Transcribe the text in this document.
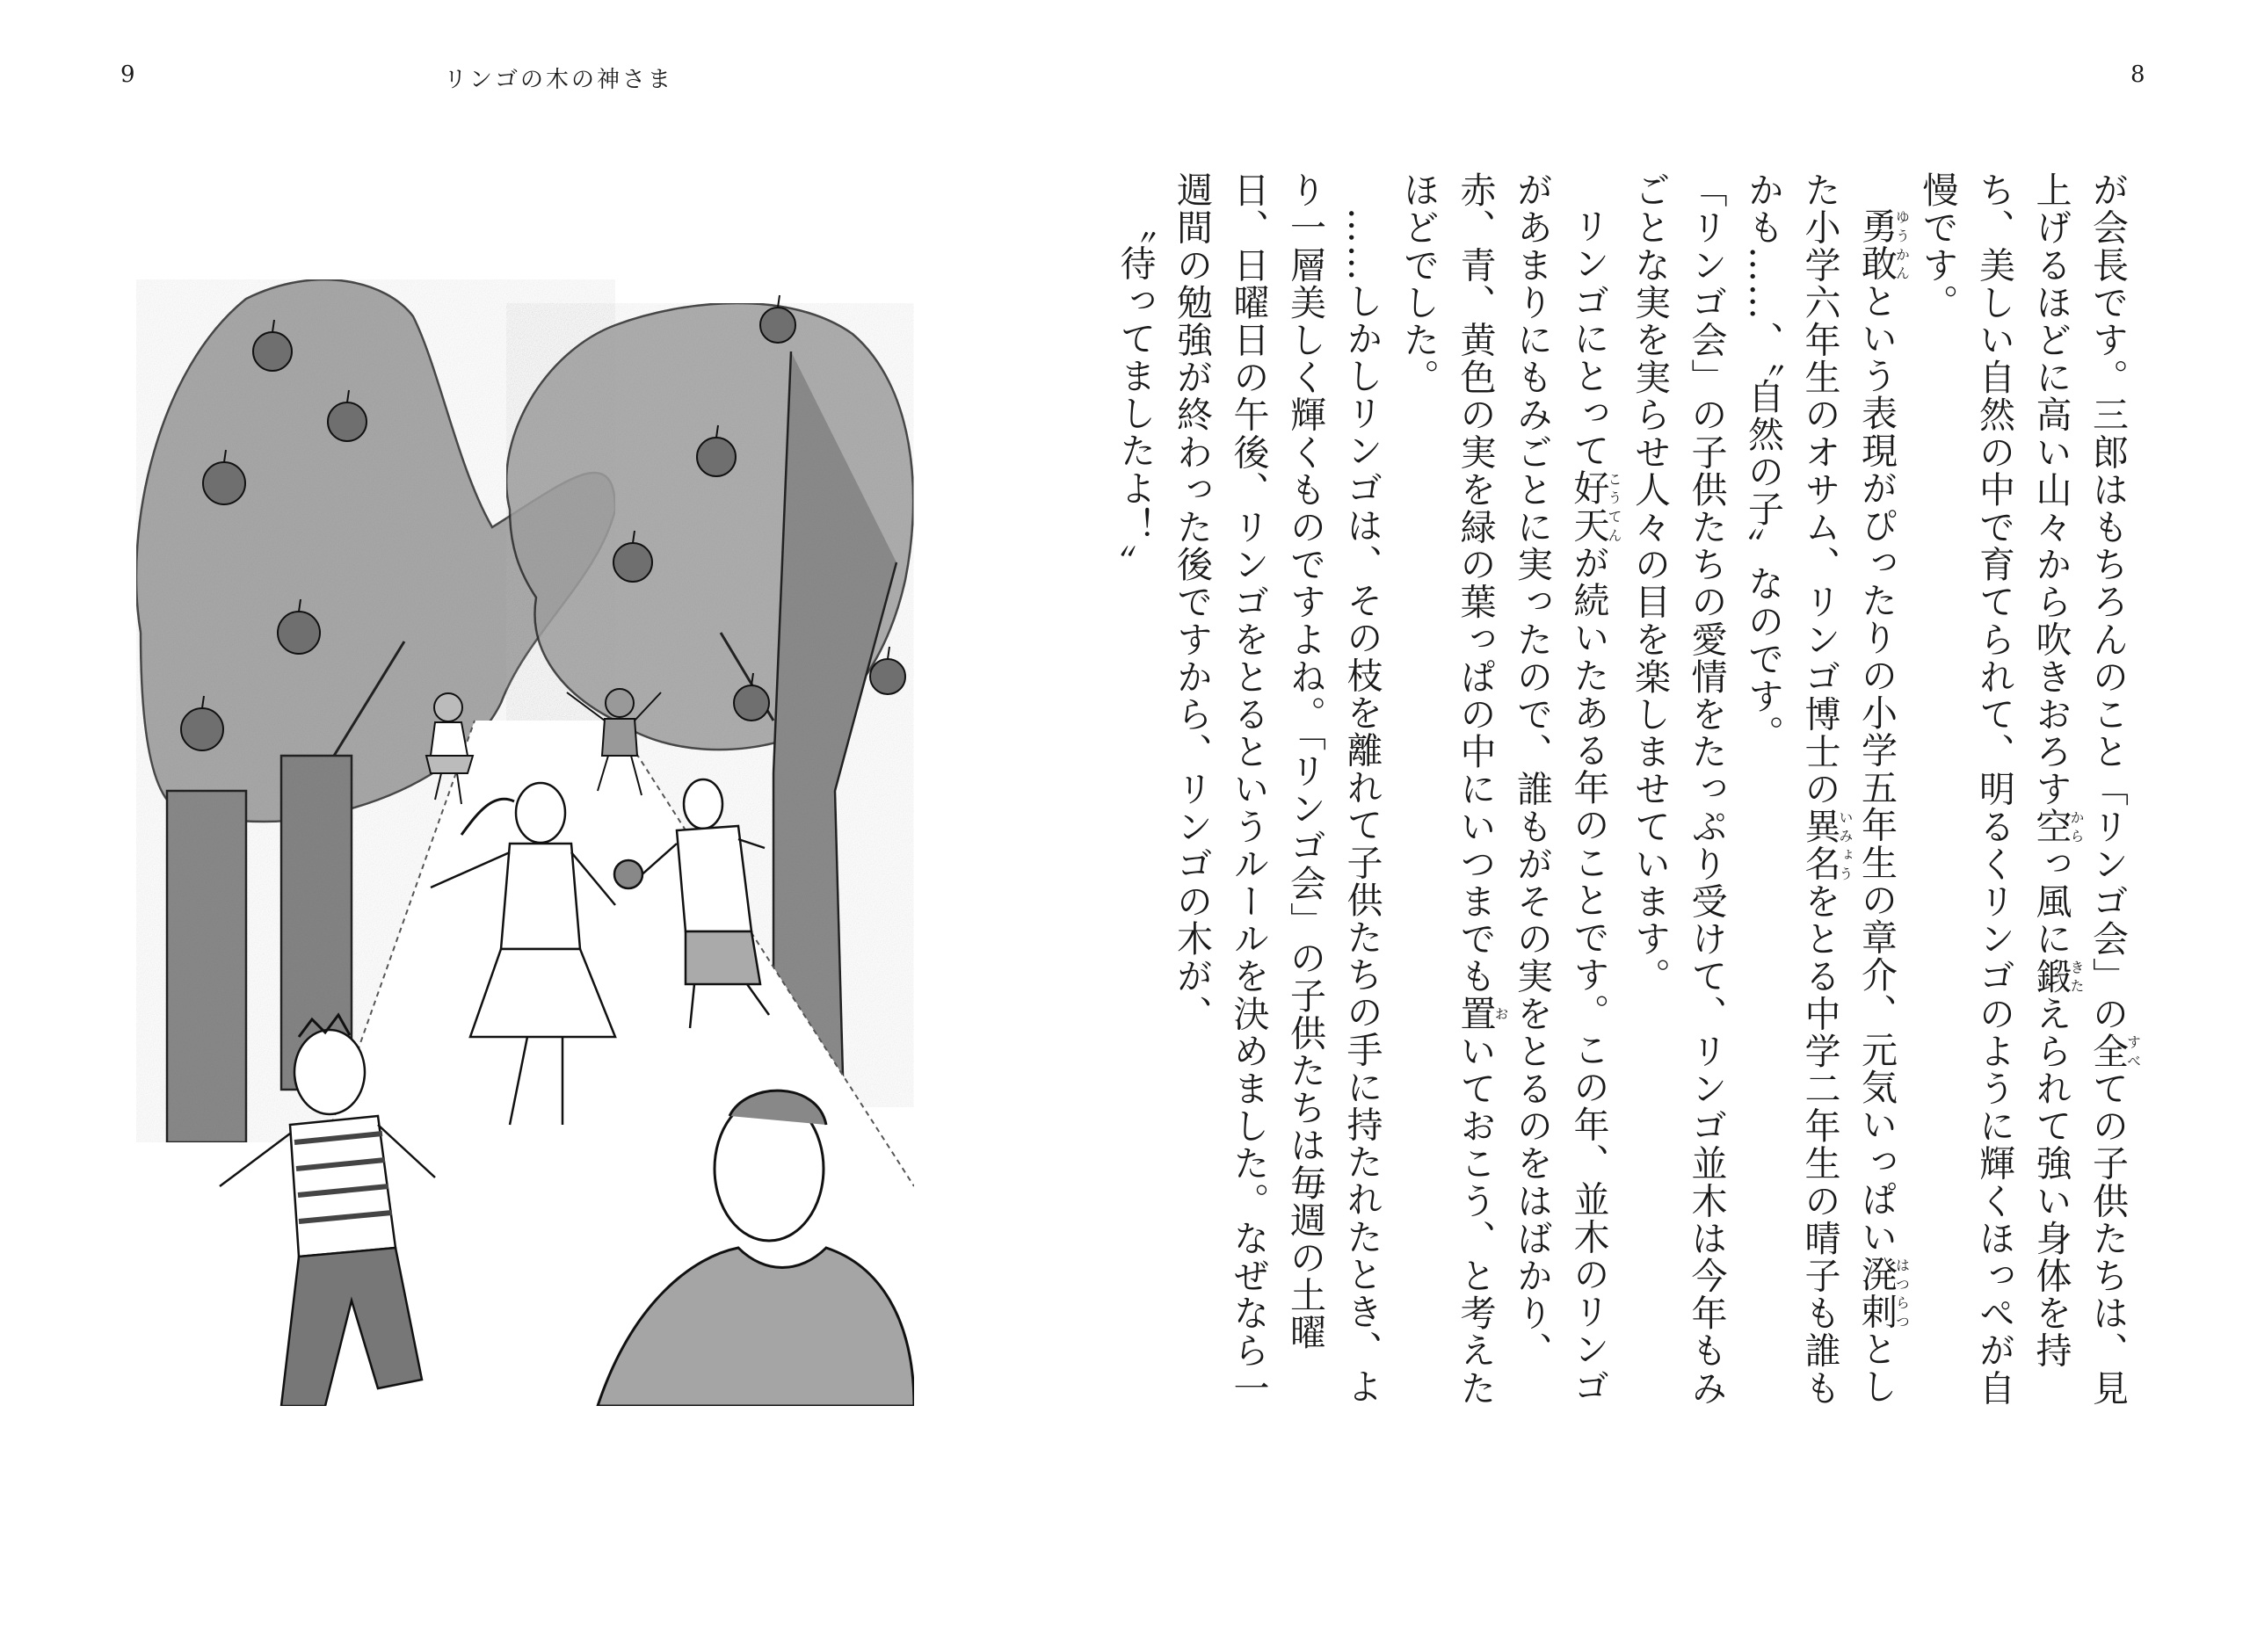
9	リンゴの木の神さま	8

が会長です。三郎はもちろんのこと「リンゴ会」の全すべての子供たちは、見上げるほどに高い山々から吹きおろす空からっ風に鍛きたえられて強い身体を持ち、美しい自然の中で育てられて、明るくリンゴのように輝くほっぺが自慢です。

勇敢ゆうかんという表現がぴったりの小学五年生の章介、元気いっぱい溌剌はつらつとした小学六年生のオサム、リンゴ博士の異名いみょうをとる中学二年生の晴子も誰もかも……、〝自然の子〟なのです。

「リンゴ会」の子供たちの愛情をたっぷり受けて、リンゴ並木は今年もみごとな実を実らせ人々の目を楽しませています。

リンゴにとって好天こうてんが続いたある年のことです。この年、並木のリンゴがあまりにもみごとに実ったので、誰もがその実をとるのをはばかり、赤、青、黄色の実を緑の葉っぱの中にいつまでも置おいておこう、と考えたほどでした。

……しかしリンゴは、その枝を離れて子供たちの手に持たれたとき、より一層美しく輝くものですよね。「リンゴ会」の子供たちは毎週の土曜日、日曜日の午後、リンゴをとるというルールを決めました。なぜなら一週間の勉強が終わった後ですから、リンゴの木が、

〝待ってましたよ！〟
